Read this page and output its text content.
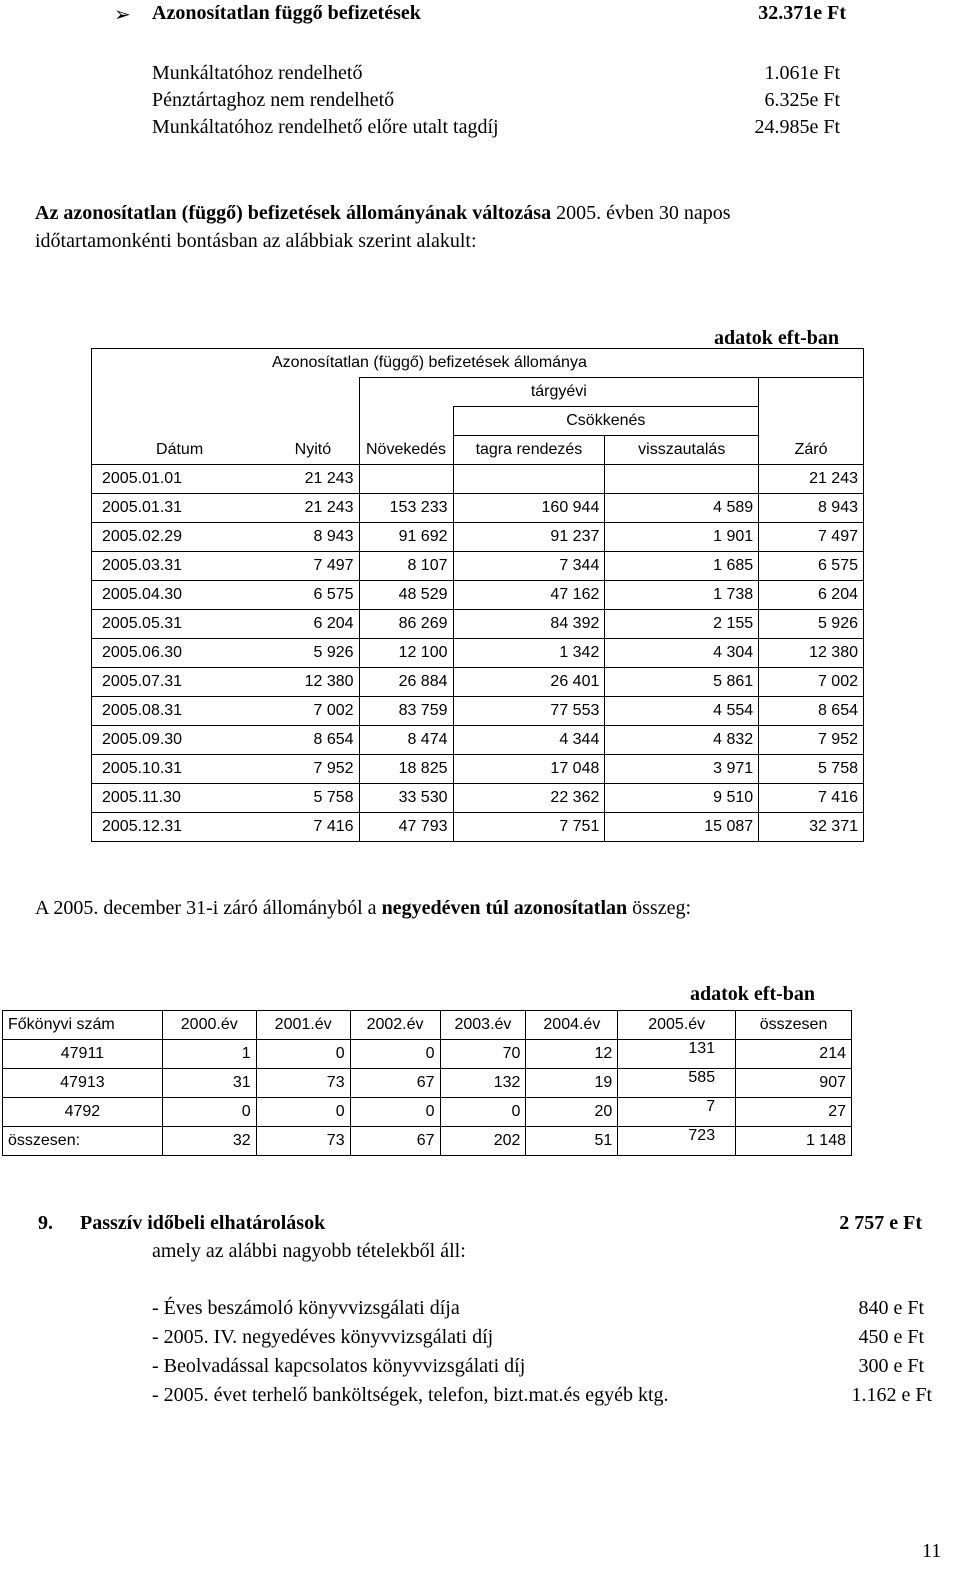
➢ Azonosítatlan függő befizetések	32.371e Ft
Munkáltatóhoz rendelhető	1.061e Ft
Pénztártaghoz nem rendelhető	6.325e Ft
Munkáltatóhoz rendelhető előre utalt tagdíj	24.985e Ft
Az azonosítatlan (függő) befizetések állományának változása 2005. évben 30 napos
időtartamonkénti bontásban az alábbiak szerint alakult:
adatok eft-ban
Azonosítatlan (függő) befizetések állománya					
		tárgyévi			
			Csökkenés		
Dátum	Nyitó	Növekedés	tagra rendezés	visszautalás	Záró
2005.01.01	21 243				21 243
2005.01.31	21 243	153 233	160 944	4 589	8 943
2005.02.29	8 943	91 692	91 237	1 901	7 497
2005.03.31	7 497	8 107	7 344	1 685	6 575
2005.04.30	6 575	48 529	47 162	1 738	6 204
2005.05.31	6 204	86 269	84 392	2 155	5 926
2005.06.30	5 926	12 100	1 342	4 304	12 380
2005.07.31	12 380	26 884	26 401	5 861	7 002
2005.08.31	7 002	83 759	77 553	4 554	8 654
2005.09.30	8 654	8 474	4 344	4 832	7 952
2005.10.31	7 952	18 825	17 048	3 971	5 758
2005.11.30	5 758	33 530	22 362	9 510	7 416
2005.12.31	7 416	47 793	7 751	15 087	32 371
A 2005. december 31-i záró állományból a negyedéven túl azonosítatlan összeg:
adatok eft-ban
Főkönyvi szám	2000.év	2001.év	2002.év	2003.év	2004.év	2005.év	összesen
47911	1	0	0	70	12	131	214
47913	31	73	67	132	19	585	907
4792	0	0	0	0	20	7	27
összesen:	32	73	67	202	51	723	1 148
9. Passzív időbeli elhatárolások	2 757 e Ft
amely az alábbi nagyobb tételekből áll:
- Éves beszámoló könyvvizsgálati díja	840 e Ft
- 2005. IV. negyedéves könyvvizsgálati díj	450 e Ft
- Beolvadással kapcsolatos könyvvizsgálati díj	300 e Ft
- 2005. évet terhelő banköltségek, telefon, bizt.mat.és egyéb ktg.	1.162 e Ft
11
